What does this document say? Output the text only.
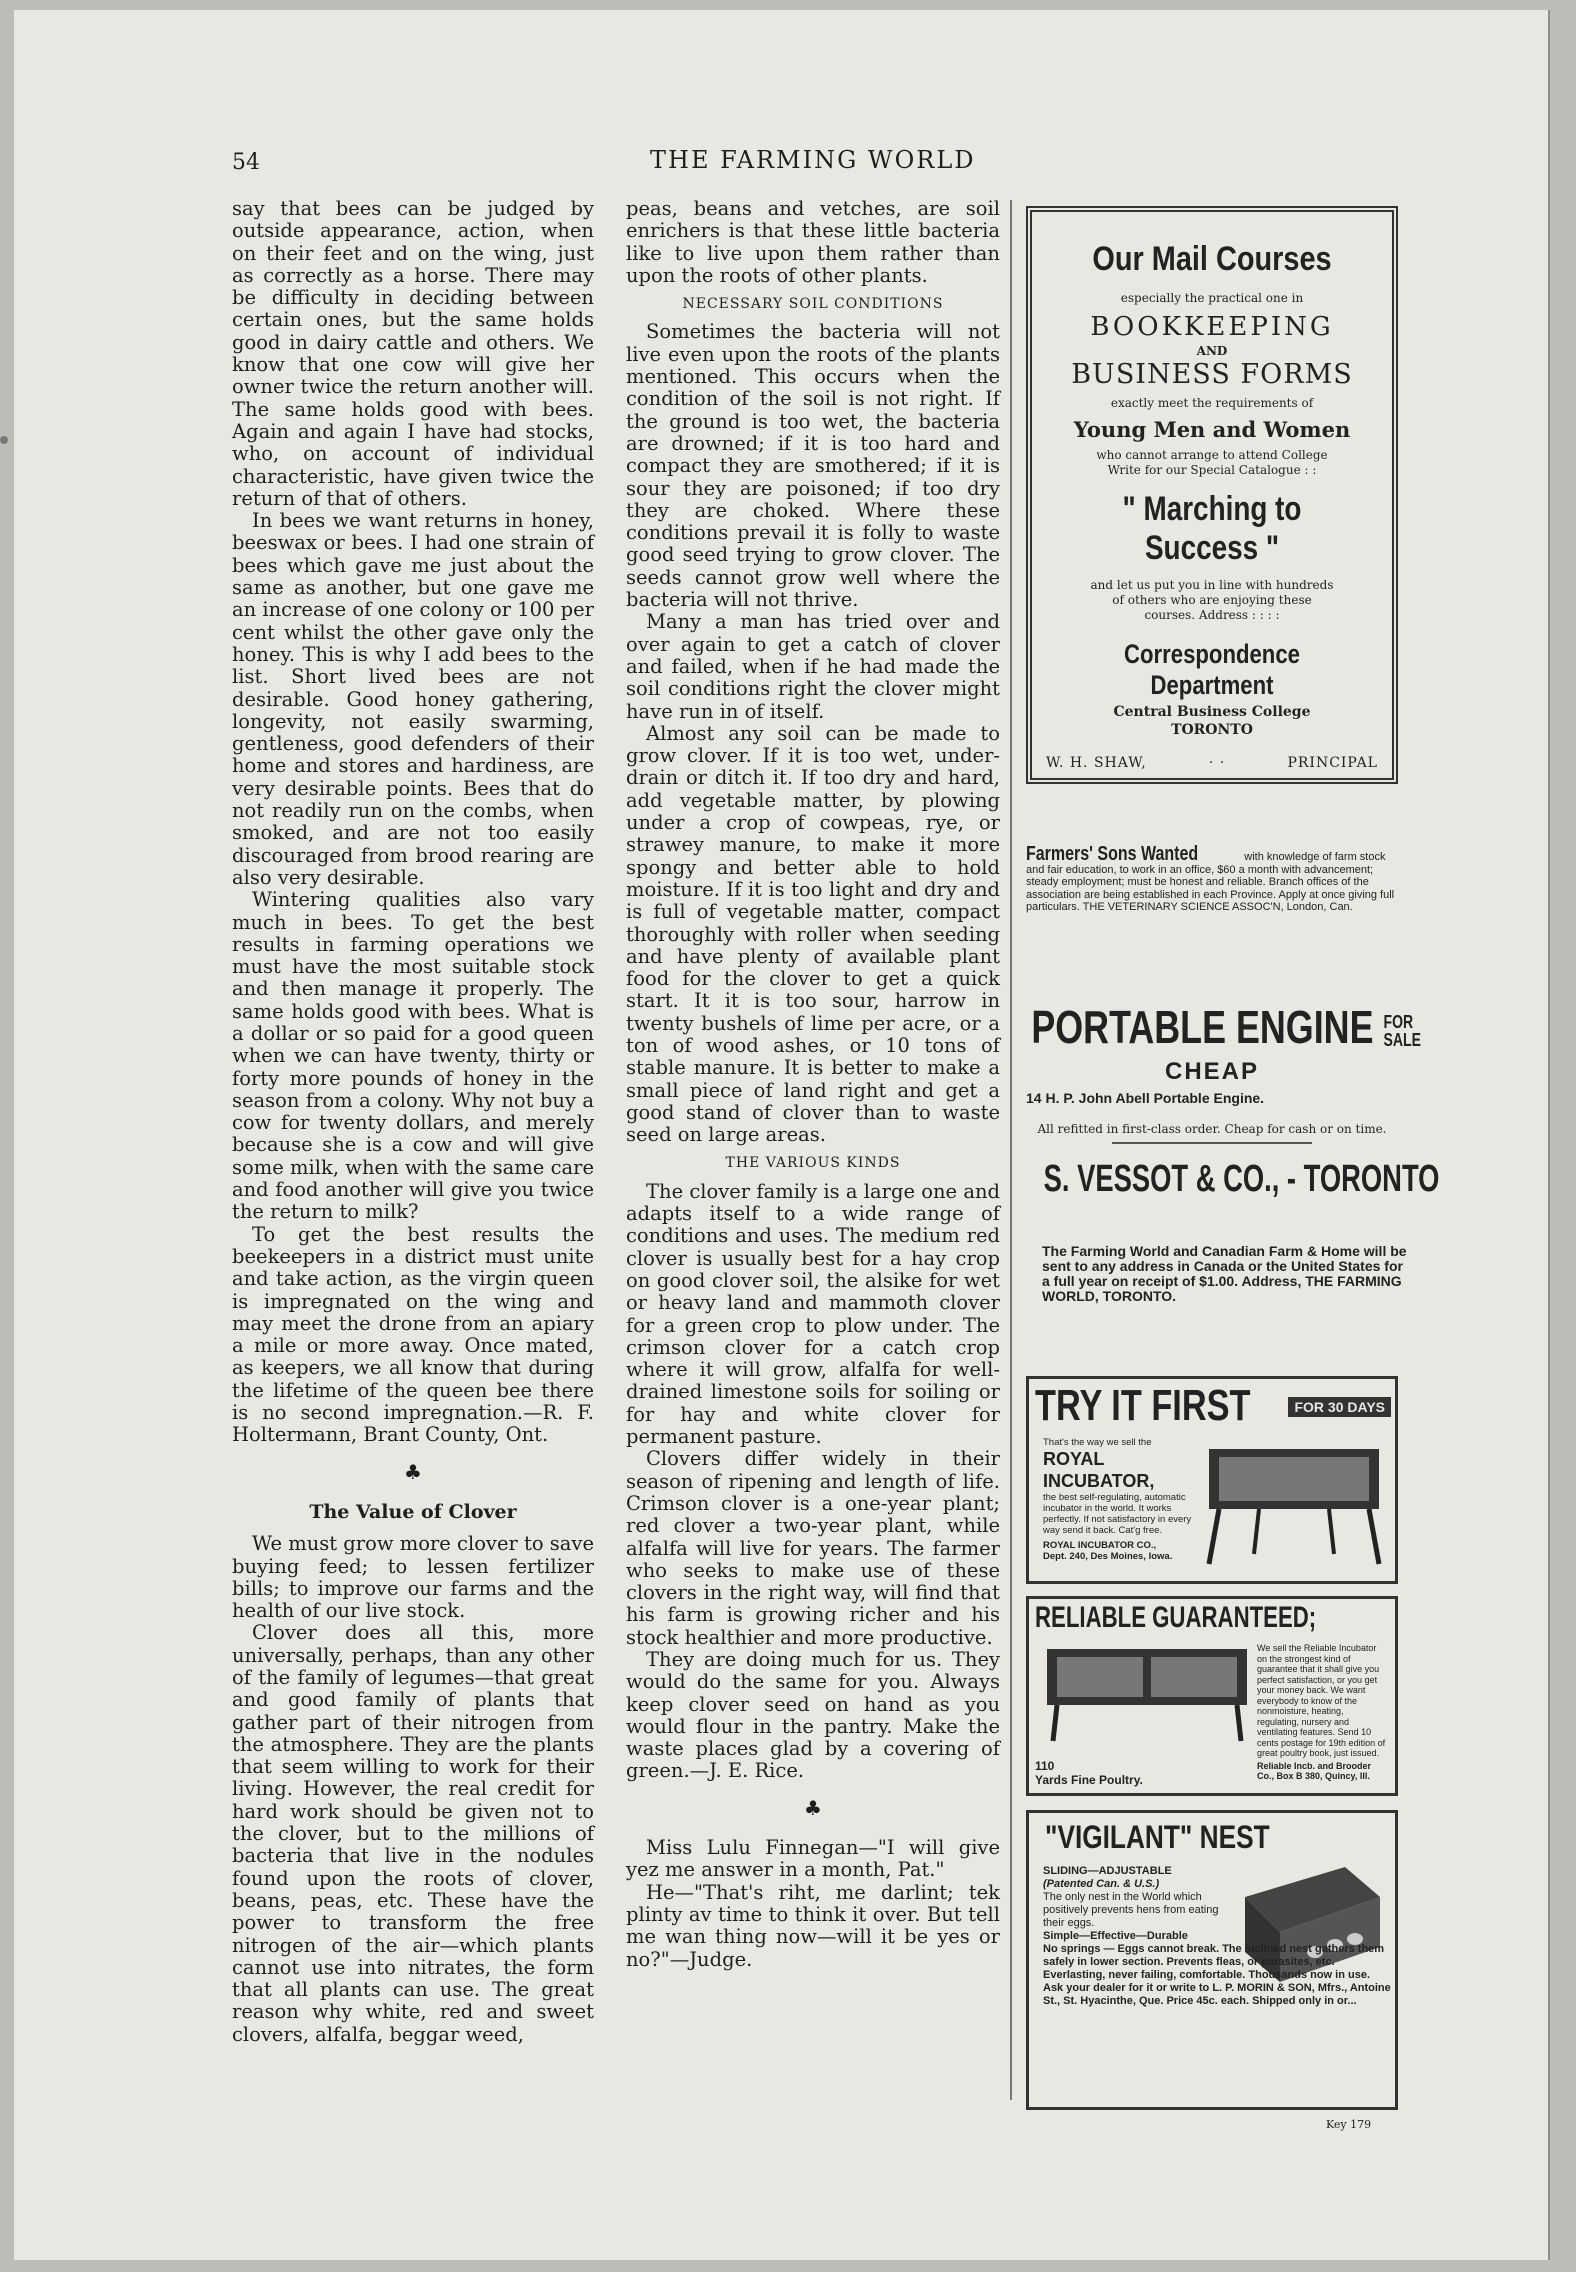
54	THE FARMING WORLD

say that bees can be judged by outside appearance, action, when on their feet and on the wing, just as correctly as a horse. There may be difficulty in deciding between certain ones, but the same holds good in dairy cattle and others. We know that one cow will give her owner twice the return another will. The same holds good with bees. Again and again I have had stocks, who, on account of individual characteristic, have given twice the return of that of others.

In bees we want returns in honey, beeswax or bees. I had one strain of bees which gave me just about the same as another, but one gave me an increase of one colony or 100 per cent whilst the other gave only the honey. This is why I add bees to the list. Short lived bees are not desirable. Good honey gathering, longevity, not easily swarming, gentleness, good defenders of their home and stores and hardiness, are very desirable points. Bees that do not readily run on the combs, when smoked, and are not too easily discouraged from brood rearing are also very desirable.

Wintering qualities also vary much in bees. To get the best results in farming operations we must have the most suitable stock and then manage it properly. The same holds good with bees. What is a dollar or so paid for a good queen when we can have twenty, thirty or forty more pounds of honey in the season from a colony. Why not buy a cow for twenty dollars, and merely because she is a cow and will give some milk, when with the same care and food another will give you twice the return to milk?

To get the best results the beekeepers in a district must unite and take action, as the virgin queen is impregnated on the wing and may meet the drone from an apiary a mile or more away. Once mated, as keepers, we all know that during the lifetime of the queen bee there is no second impregnation.—R. F. Holtermann, Brant County, Ont.

♣
The Value of Clover

We must grow more clover to save buying feed; to lessen fertilizer bills; to improve our farms and the health of our live stock.

Clover does all this, more universally, perhaps, than any other of the family of legumes—that great and good family of plants that gather part of their nitrogen from the atmosphere. They are the plants that seem willing to work for their living. However, the real credit for hard work should be given not to the clover, but to the millions of bacteria that live in the nodules found upon the roots of clover, beans, peas, etc. These have the power to transform the free nitrogen of the air—which plants cannot use into nitrates, the form that all plants can use. The great reason why white, red and sweet clovers, alfalfa, beggar weed,

peas, beans and vetches, are soil enrichers is that these little bacteria like to live upon them rather than upon the roots of other plants.

NECESSARY SOIL CONDITIONS

Sometimes the bacteria will not live even upon the roots of the plants mentioned. This occurs when the condition of the soil is not right. If the ground is too wet, the bacteria are drowned; if it is too hard and compact they are smothered; if it is sour they are poisoned; if too dry they are choked. Where these conditions prevail it is folly to waste good seed trying to grow clover. The seeds cannot grow well where the bacteria will not thrive.

Many a man has tried over and over again to get a catch of clover and failed, when if he had made the soil conditions right the clover might have run in of itself.

Almost any soil can be made to grow clover. If it is too wet, under-drain or ditch it. If too dry and hard, add vegetable matter, by plowing under a crop of cowpeas, rye, or strawey manure, to make it more spongy and better able to hold moisture. If it is too light and dry and is full of vegetable matter, compact thoroughly with roller when seeding and have plenty of available plant food for the clover to get a quick start. It it is too sour, harrow in twenty bushels of lime per acre, or a ton of wood ashes, or 10 tons of stable manure. It is better to make a small piece of land right and get a good stand of clover than to waste seed on large areas.

THE VARIOUS KINDS

The clover family is a large one and adapts itself to a wide range of conditions and uses. The medium red clover is usually best for a hay crop on good clover soil, the alsike for wet or heavy land and mammoth clover for a green crop to plow under. The crimson clover for a catch crop where it will grow, alfalfa for well-drained limestone soils for soiling or for hay and white clover for permanent pasture.

Clovers differ widely in their season of ripening and length of life. Crimson clover is a one-year plant; red clover a two-year plant, while alfalfa will live for years. The farmer who seeks to make use of these clovers in the right way, will find that his farm is growing richer and his stock healthier and more productive.

They are doing much for us. They would do the same for you. Always keep clover seed on hand as you would flour in the pantry. Make the waste places glad by a covering of green.—J. E. Rice.

♣

Miss Lulu Finnegan—"I will give yez me answer in a month, Pat."

He—"That's riht, me darlint; tek plinty av time to think it over. But tell me wan thing now—will it be yes or no?"—Judge.

Our Mail Courses
especially the practical one in
BOOKKEEPING
AND
BUSINESS FORMS
exactly meet the requirements of
Young Men and Women
who cannot arrange to attend College
Write for our Special Catalogue : :
" Marching to Success "
and let us put you in line with hundreds of others who are enjoying these courses. Address : : : :
Correspondence Department
Central Business College
TORONTO
W. H. SHAW,	· ·	PRINCIPAL
Farmers' Sons Wanted	with knowledge of farm stock and fair education, to work in an office, $60 a month with advancement; steady employment; must be honest and reliable. Branch offices of the association are being established in each Province. Apply at once giving full particulars. THE VETERINARY SCIENCE ASSOC'N, London, Can.
PORTABLE ENGINE FOR
SALE
CHEAP
14 H. P. John Abell Portable Engine.
All refitted in first-class order. Cheap for cash or on time.
S. VESSOT & CO., - TORONTO
The Farming World and Canadian Farm & Home will be sent to any address in Canada or the United States for a full year on receipt of $1.00. Address, THE FARMING WORLD, TORONTO.
TRY IT FIRST	FOR 30 DAYS
That's the way we sell the
ROYAL INCUBATOR,
the best self-regulating, automatic incubator in the world. It works perfectly. If not satisfactory in every way send it back. Cat'g free.
ROYAL INCUBATOR CO.,
Dept. 240, Des Moines, Iowa.
RELIABLE GUARANTEED;
We sell the Reliable Incubator on the strongest kind of guarantee that it shall give you perfect satisfaction, or you get your money back. We want everybody to know of the nonmoisture, heating, regulating, nursery and ventilating features. Send 10 cents postage for 19th edition of great poultry book, just issued.
Reliable Incb. and Brooder Co., Box B 380, Quincy, Ill.
110
Yards Fine Poultry.
"VIGILANT" NEST
SLIDING—ADJUSTABLE
(Patented Can. & U.S.)
The only nest in the World which positively prevents hens from eating their eggs.
Simple—Effective—Durable
No springs — Eggs cannot break. The inclined nest gathers them safely in lower section. Prevents fleas, or parasites, etc. Everlasting, never failing, comfortable. Thousands now in use. Ask your dealer for it or write to L. P. MORIN & SON, Mfrs., Antoine St., St. Hyacinthe, Que. Price 45c. each. Shipped only in or...
Key 179
